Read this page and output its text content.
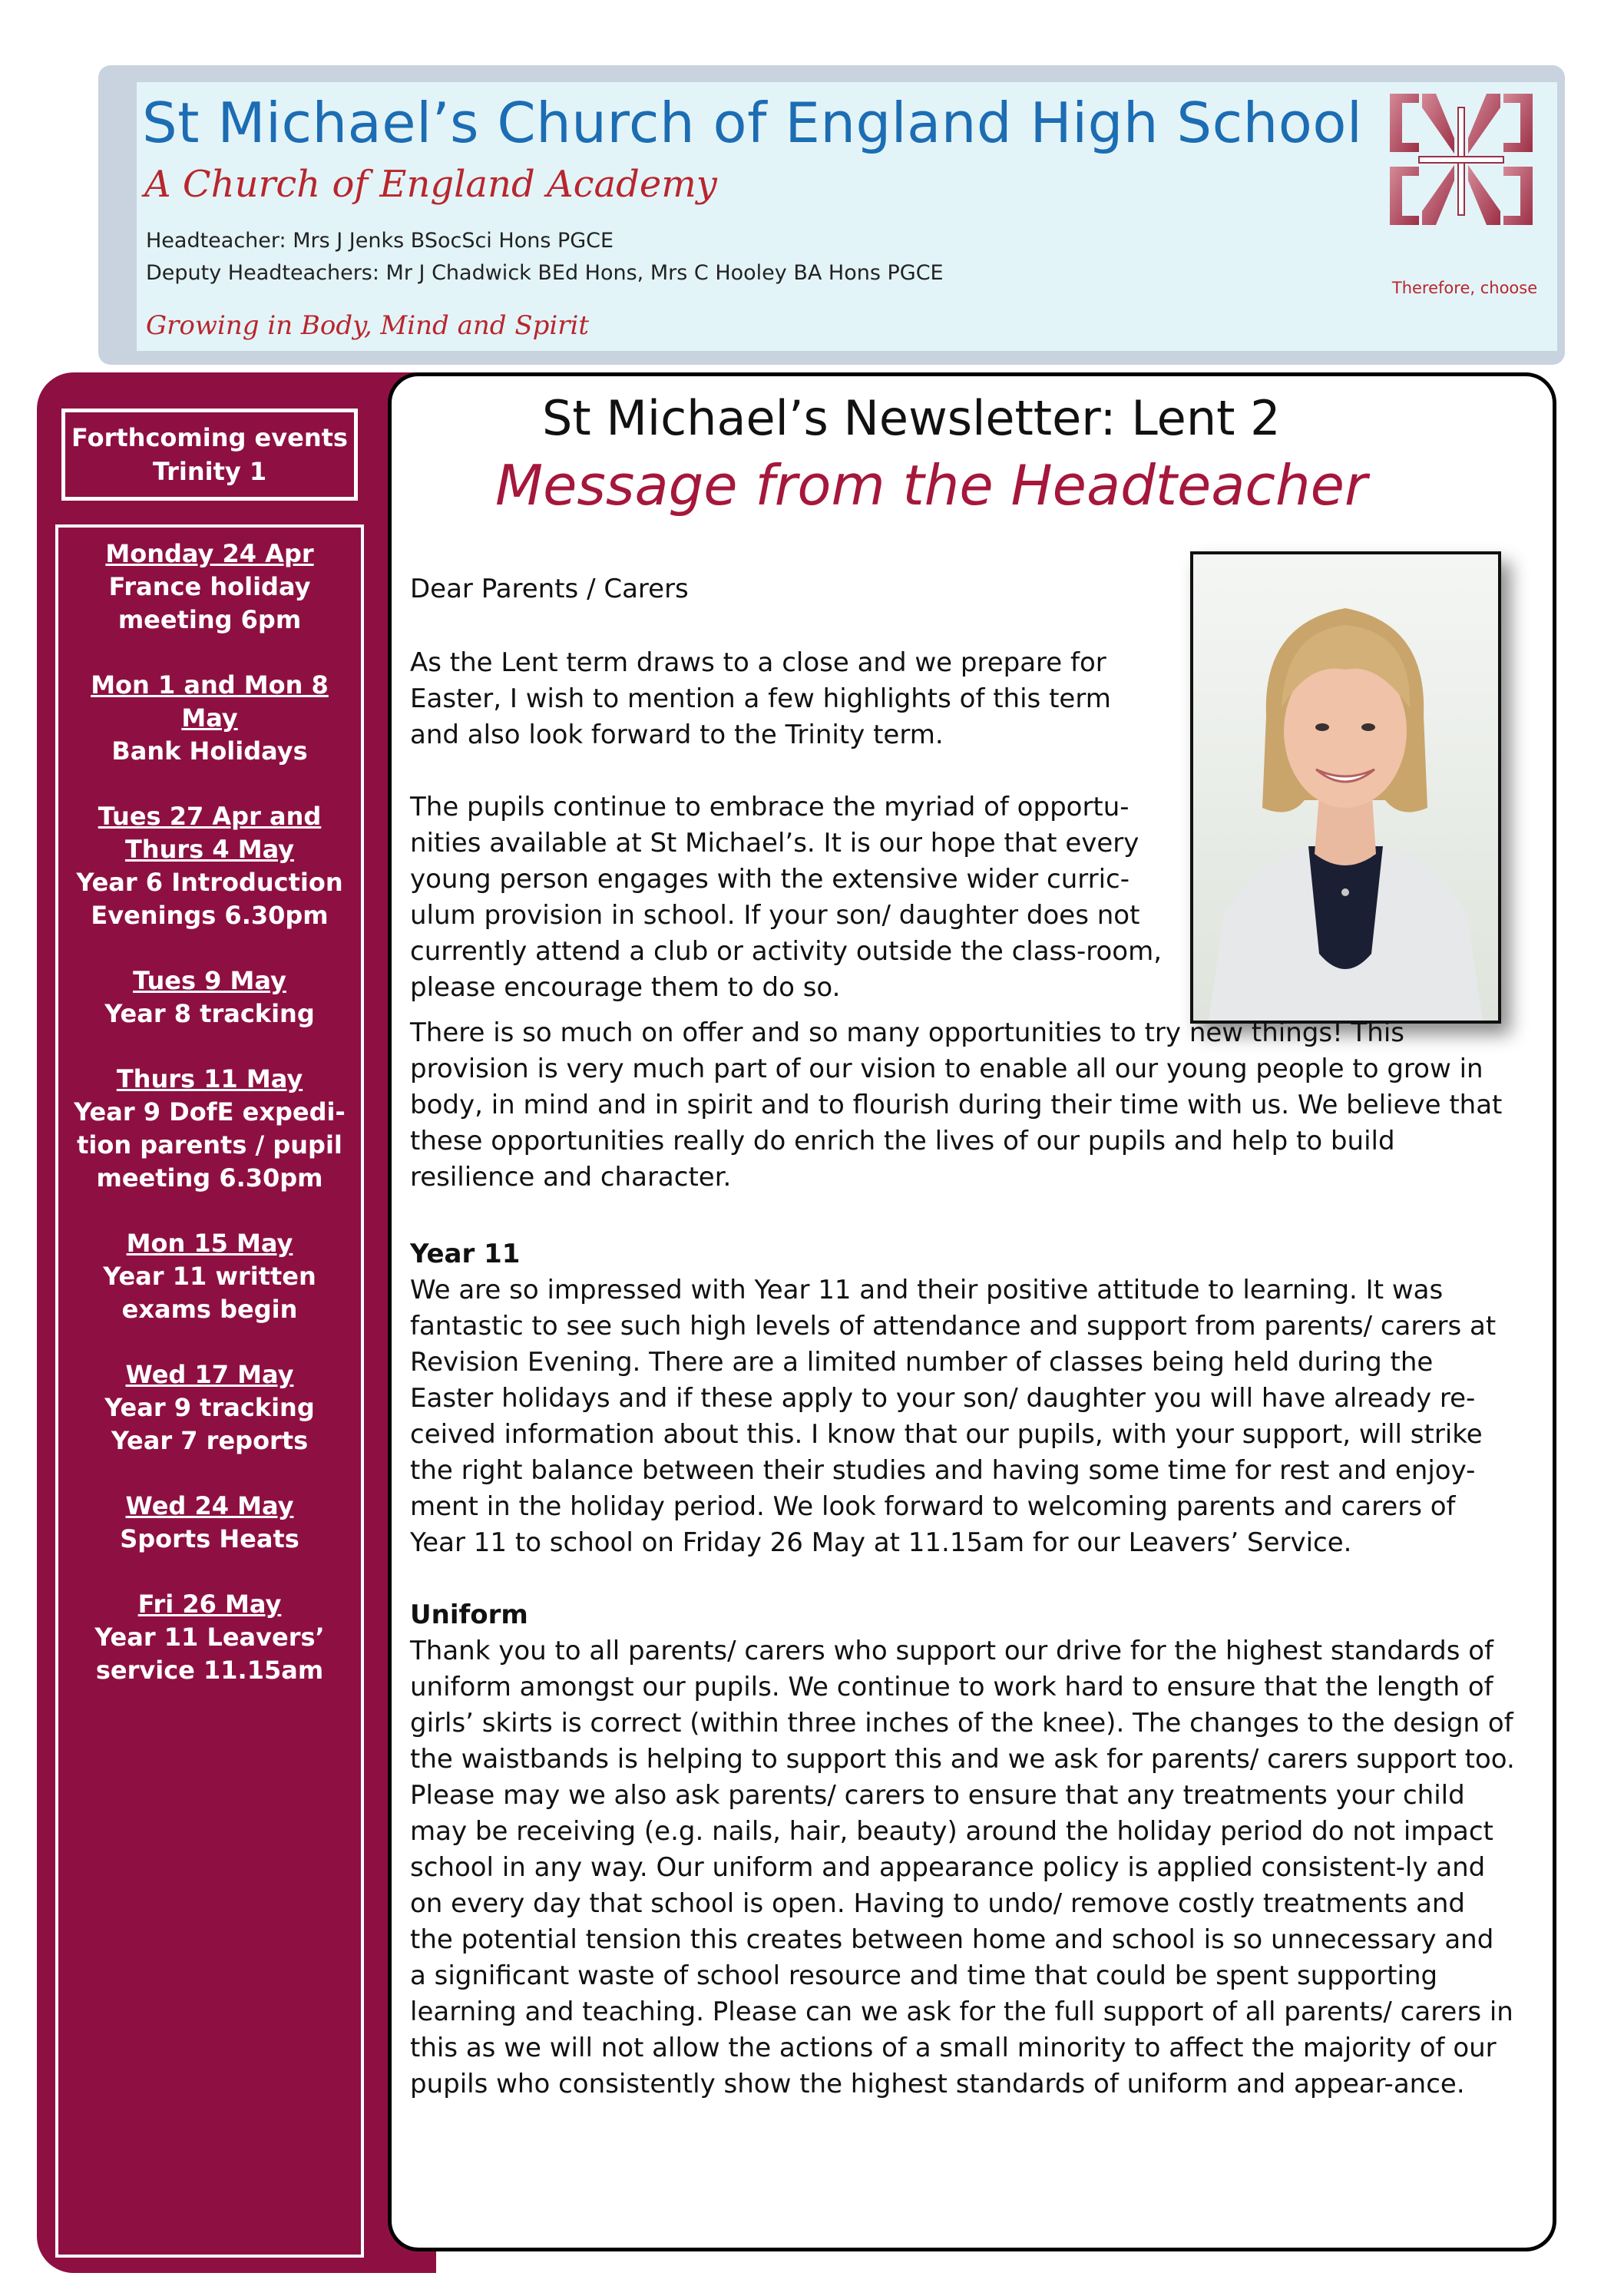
St Michael’s Church of England High School

A Church of England Academy

Headteacher: Mrs J Jenks BSocSci Hons PGCE

Deputy Headteachers: Mr J Chadwick BEd Hons, Mrs C Hooley BA Hons PGCE

Growing in Body, Mind and Spirit

Therefore, choose

Forthcoming events

Trinity 1

Monday 24 Apr
France holiday meeting 6pm
Mon 1 and Mon 8 May
Bank Holidays
Tues 27 Apr and Thurs 4 May
Year 6 Introduction Evenings 6.30pm
Tues 9 May
Year 8 tracking
Thurs 11 May
Year 9 DofE expedi-tion parents / pupil meeting 6.30pm
Mon 15 May
Year 11 written exams begin
Wed 17 May
Year 9 tracking
Year 7 reports
Wed 24 May
Sports Heats
Fri 26 May
Year 11 Leavers’ service 11.15am
St Michael’s Newsletter: Lent 2
Message from the Headteacher

Dear Parents / Carers

As the Lent term draws to a close and we prepare for Easter, I wish to mention a few highlights of this term and also look forward to the Trinity term.

The pupils continue to embrace the myriad of opportu-nities available at St Michael’s. It is our hope that every young person engages with the extensive wider curric-ulum provision in school. If your son/ daughter does not currently attend a club or activity outside the class-room, please encourage them to do so.

There is so much on offer and so many opportunities to try new things! This provision is very much part of our vision to enable all our young people to grow in body, in mind and in spirit and to flourish during their time with us. We believe that these opportunities really do enrich the lives of our pupils and help to build resilience and character.

Year 11

We are so impressed with Year 11 and their positive attitude to learning. It was fantastic to see such high levels of attendance and support from parents/ carers at Revision Evening. There are a limited number of classes being held during the Easter holidays and if these apply to your son/ daughter you will have already re-ceived information about this. I know that our pupils, with your support, will strike the right balance between their studies and having some time for rest and enjoy-ment in the holiday period. We look forward to welcoming parents and carers of Year 11 to school on Friday 26 May at 11.15am for our Leavers’ Service.

Uniform

Thank you to all parents/ carers who support our drive for the highest standards of uniform amongst our pupils. We continue to work hard to ensure that the length of girls’ skirts is correct (within three inches of the knee). The changes to the design of the waistbands is helping to support this and we ask for parents/ carers support too. Please may we also ask parents/ carers to ensure that any treatments your child may be receiving (e.g. nails, hair, beauty) around the holiday period do not impact school in any way. Our uniform and appearance policy is applied consistent-ly and on every day that school is open. Having to undo/ remove costly treatments and the potential tension this creates between home and school is so unnecessary and a significant waste of school resource and time that could be spent supporting learning and teaching. Please can we ask for the full support of all parents/ carers in this as we will not allow the actions of a small minority to affect the majority of our pupils who consistently show the highest standards of uniform and appear-ance.
